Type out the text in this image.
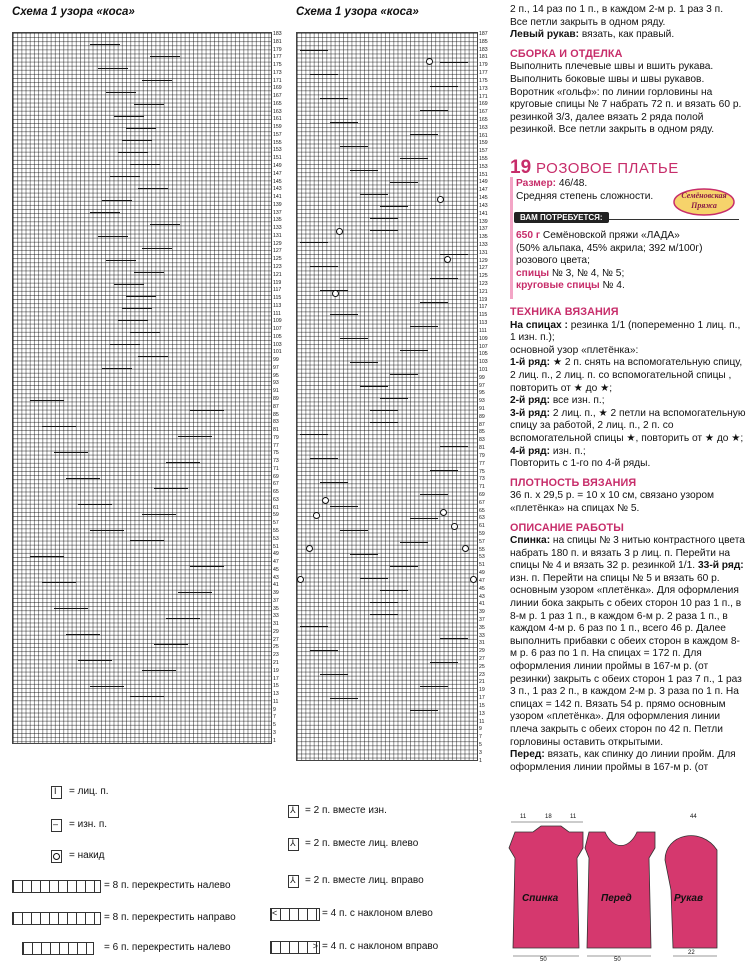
Схема 1 узора «коса»
183
181
179
177
175
173
171
169
167
165
163
161
159
157
155
153
151
149
147
145
143
141
139
137
135
133
131
129
127
125
123
121
119
117
115
113
111
109
107
105
103
101
99
97
95
93
91
89
87
85
83
81
79
77
75
73
71
69
67
65
63
61
59
57
55
53
51
49
47
45
43
41
39
37
35
33
31
29
27
25
23
21
19
17
15
13
11
9
7
5
3
1
Схема 1 узора «коса»
187
185
183
181
179
177
175
173
171
169
167
165
163
161
159
157
155
153
151
149
147
145
143
141
139
137
135
133
131
129
127
125
123
121
119
117
115
113
111
109
107
105
103
101
99
97
95
93
91
89
87
85
83
81
79
77
75
73
71
69
67
65
63
61
59
57
55
53
51
49
47
45
43
41
39
37
35
33
31
29
27
25
23
21
19
17
15
13
11
9
7
5
3
1
I = лиц. п.
– = изн. п.
= накид
= 8 п. перекрестить налево
= 8 п. перекрестить направо
= 6 п. перекрестить налево
⅄ = 2 п. вместе изн.
⅄ = 2 п. вместе лиц. влево
⅄ = 2 п. вместе лиц. вправо
<	= 4 п. с наклоном влево
> = 4 п. с наклоном вправо

2 п., 14 раз по 1 п., в каждом 2-м р. 1 раз 3 п.

Все петли закрыть в одном ряду.

Левый рукав: вязать, как правый.

СБОРКА И ОТДЕЛКА

Выполнить плечевые швы и вшить рукава. Выполнить боковые швы и швы рукавов. Воротник «гольф»: по линии горловины на круговые спицы № 7 набрать 72 п. и вязать 60 р. резинкой 3/3, далее вязать 2 ряда полой резинкой. Все петли закрыть в одном ряду.

19 РОЗОВОЕ ПЛАТЬЕ
Размер: 46/48.
Средняя степень сложности.	Семёновская Пряжа
ВАМ ПОТРЕБУЕТСЯ:
650 г Семёновской пряжи «ЛАДА»
(50% альпака, 45% акрила; 392 м/100г) розового цвета;
спицы № 3, № 4, № 5;
круговые спицы № 4.

ТЕХНИКА ВЯЗАНИЯ

На спицах : резинка 1/1 (попеременно 1 лиц. п., 1 изн. п.);

основной узор «плетёнка»:

1-й ряд: ★ 2 п. снять на вспомогательную спицу, 2 лиц. п., 2 лиц. п. со вспомогательной спицы , повторить от ★ до ★;

2-й ряд: все изн. п.;

3-й ряд: 2 лиц. п., ★ 2 петли на вспомогательную спицу за работой, 2 лиц. п., 2 п. со вспомогательной спицы ★, повторить от ★ до ★;

4-й ряд: изн. п.;

Повторить с 1-го по 4-й ряды.

ПЛОТНОСТЬ ВЯЗАНИЯ

36 п. х 29,5 р. = 10 х 10 см, связано узором «плетёнка» на спицах № 5.

ОПИСАНИЕ РАБОТЫ

Спинка: на спицы № 3 нитью контрастного цвета набрать 180 п. и вязать 3 р лиц. п. Перейти на спицы № 4 и вязать 32 р. резинкой 1/1. 33-й ряд: изн. п. Перейти на спицы № 5 и вязать 60 р. основным узором «плетёнка». Для оформления линии бока закрыть с обеих сторон 10 раз 1 п., в 8-м р. 1 раз 1 п., в каждом 6-м р. 2 раза 1 п., в каждом 4-м р. 6 раз по 1 п., всего 46 р. Далее выполнить прибавки с обеих сторон в каждом 8-м р. 6 раз по 1 п. На спицах = 172 п. Для оформления линии проймы в 167-м р. (от резинки) закрыть с обеих сторон 1 раз 7 п., 1 раз 3 п., 1 раз 2 п., в каждом 2-м р. 3 раза по 1 п. На спицах = 142 п. Вязать 54 р. прямо основным узором «плетёнка». Для оформления линии плеча закрыть с обеих сторон по 42 п. Петли горловины оставить открытыми.

Перед: вязать, как спинку до линии пройм. Для оформления линии проймы в 167-м р. (от

Спинка	Перед	Рукав
50	50
22
11	18	11	44
